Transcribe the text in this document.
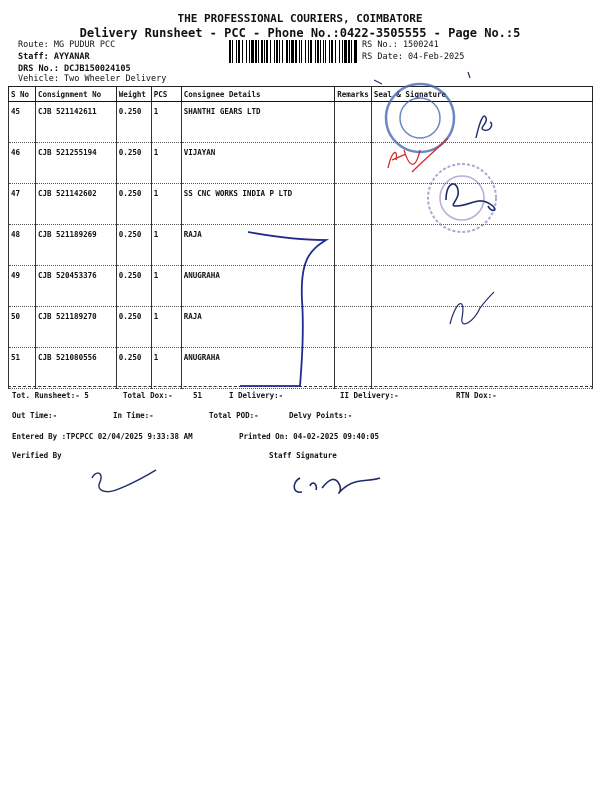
THE PROFESSIONAL COURIERS, COIMBATORE
Delivery Runsheet - PCC - Phone No.:0422-3505555 - Page No.:5
Route: MG PUDUR PCC
Staff: AYYANAR
DRS No.: DCJB150024105
Vehicle: Two Wheeler Delivery
RS No.: 1500241
RS Date: 04-Feb-2025
S No	Consignment No	Weight	PCS	Consignee Details	Remarks	Seal & Signature
45	CJB 521142611	0.250	1	SHANTHI GEARS LTD		
46	CJB 521255194	0.250	1	VIJAYAN		
47	CJB 521142602	0.250	1	SS CNC WORKS INDIA P LTD		
48	CJB 521189269	0.250	1	RAJA		
49	CJB 520453376	0.250	1	ANUGRAHA		
50	CJB 521189270	0.250	1	RAJA		
51	CJB 521080556	0.250	1	ANUGRAHA		
Tot. Runsheet:- 5	Total Dox:-	51	I Delivery:-	II Delivery:-	RTN Dox:-
Out Time:-	In Time:-	Total POD:-	Delvy Points:-
Entered By :TPCPCC 02/04/2025 9:33:38 AM	Printed On: 04-02-2025 09:40:05
Verified By	Staff Signature
